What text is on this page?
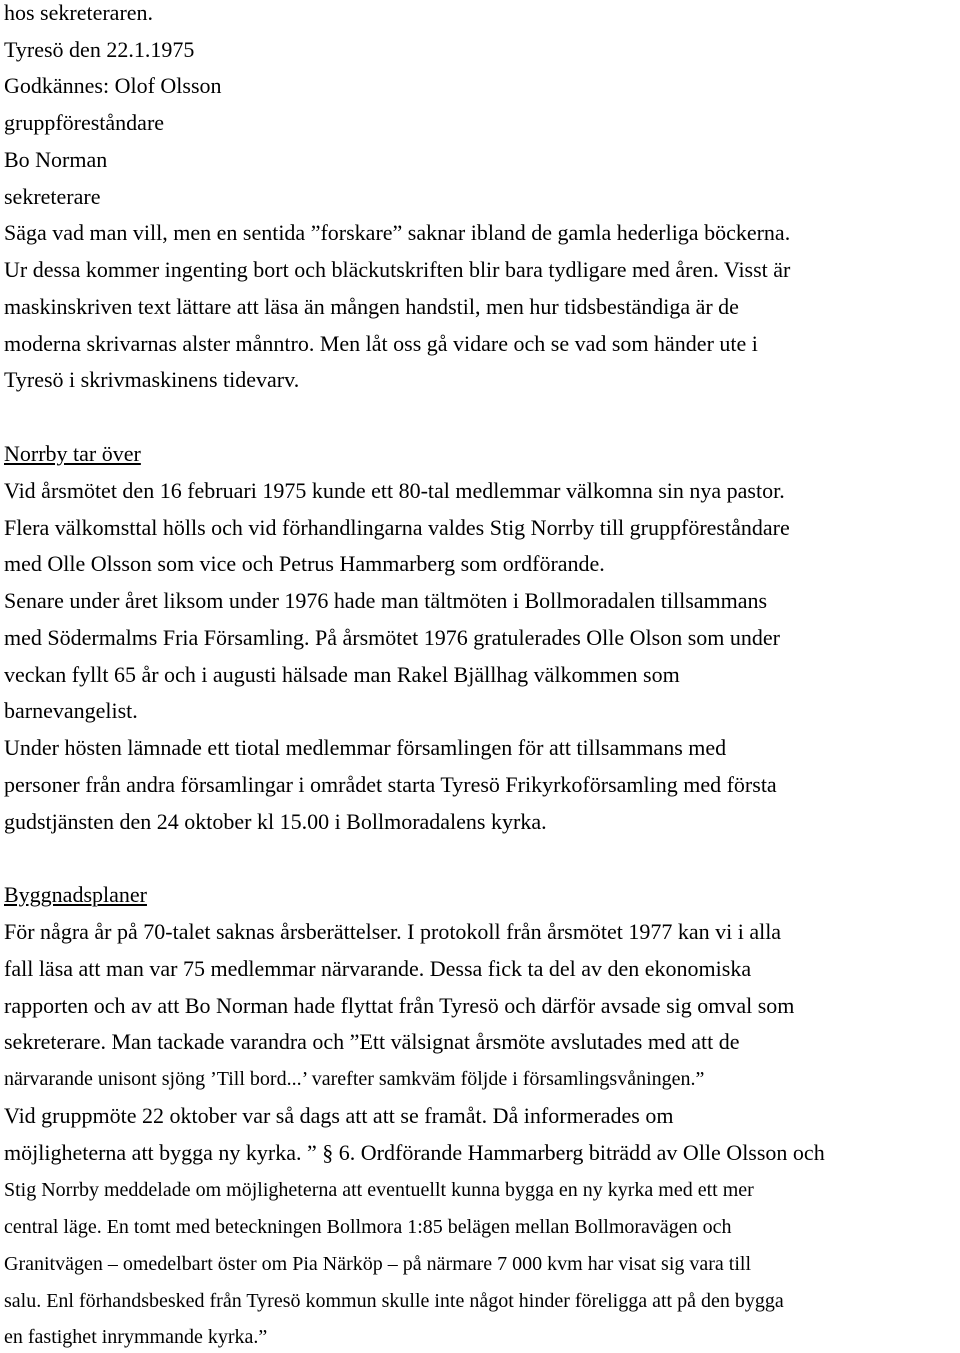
hos sekreteraren.
Tyresö den 22.1.1975
Godkännes: Olof Olsson
gruppföreståndare
Bo Norman
sekreterare
Säga vad man vill, men en sentida ”forskare” saknar ibland de gamla hederliga böckerna.
Ur dessa kommer ingenting bort och bläckutskriften blir bara tydligare med åren. Visst är
maskinskriven text lättare att läsa än mången handstil, men hur tidsbeständiga är de
moderna skrivarnas alster månntro. Men låt oss gå vidare och se vad som händer ute i
Tyresö i skrivmaskinens tidevarv.
Norrby tar över
Vid årsmötet den 16 februari 1975 kunde ett 80-tal medlemmar välkomna sin nya pastor.
Flera välkomsttal hölls och vid förhandlingarna valdes Stig Norrby till gruppföreståndare
med Olle Olsson som vice och Petrus Hammarberg som ordförande.
Senare under året liksom under 1976 hade man tältmöten i Bollmoradalen tillsammans
med Södermalms Fria Församling. På årsmötet 1976 gratulerades Olle Olson som under
veckan fyllt 65 år och i augusti hälsade man Rakel Bjällhag välkommen som
barnevangelist.
Under hösten lämnade ett tiotal medlemmar församlingen för att tillsammans med
personer från andra församlingar i området starta Tyresö Frikyrkoförsamling med första
gudstjänsten den 24 oktober kl 15.00 i Bollmoradalens kyrka.
Byggnadsplaner
För några år på 70-talet saknas årsberättelser. I protokoll från årsmötet 1977 kan vi i alla
fall läsa att man var 75 medlemmar närvarande. Dessa fick ta del av den ekonomiska
rapporten och av att Bo Norman hade flyttat från Tyresö och därför avsade sig omval som
sekreterare. Man tackade varandra och ”Ett välsignat årsmöte avslutades med att de
närvarande unisont sjöng ’Till bord...’ varefter samkväm följde i församlingsvåningen.”
Vid gruppmöte 22 oktober var så dags att att se framåt. Då informerades om
möjligheterna att bygga ny kyrka. ” § 6. Ordförande Hammarberg biträdd av Olle Olsson och
Stig Norrby meddelade om möjligheterna att eventuellt kunna bygga en ny kyrka med ett mer
central läge. En tomt med beteckningen Bollmora 1:85 belägen mellan Bollmoravägen och
Granitvägen – omedelbart öster om Pia Närköp – på närmare 7 000 kvm har visat sig vara till
salu. Enl förhandsbesked från Tyresö kommun skulle inte något hinder föreligga att på den bygga
en fastighet inrymmande kyrka.”
